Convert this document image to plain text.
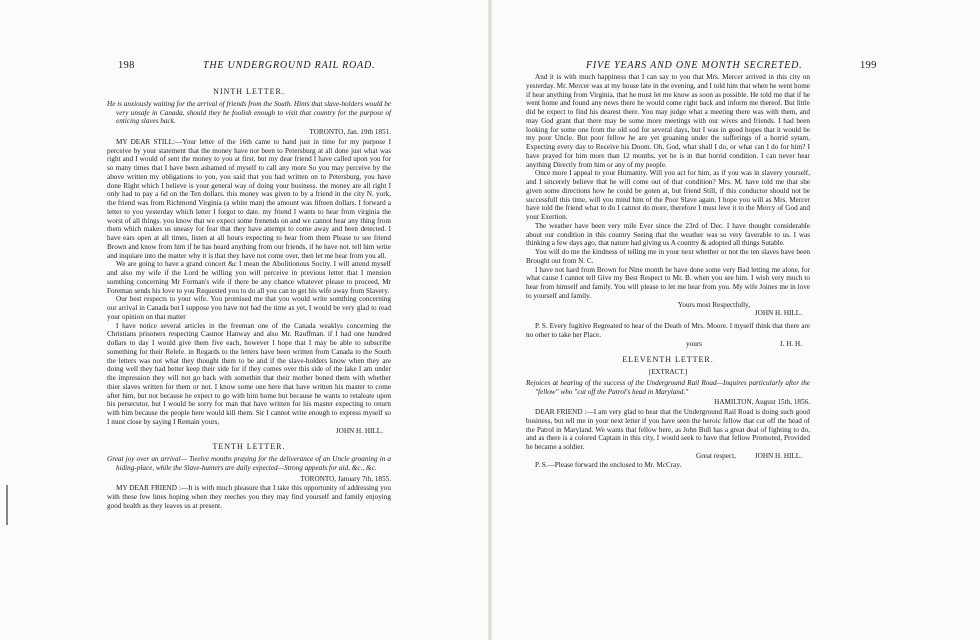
198	THE UNDERGROUND RAIL ROAD.
NINTH LETTER.

He is anxiously waiting for the arrival of friends from the South. Hints that slave-holders would be very unsafe in Canada, should they be foolish enough to visit that country for the purpose of enticing slaves back.

TORONTO, Jan. 19th 1851.

MY DEAR STILL:—Your letter of the 16th came to hand just in time for my purpose I perceive by your statement that the money have not been to Petersburg at all done just what was right and I would of sent the money to you at first, but my dear friend I have called upon you for so many times that I have been ashamed of myself to call any more So you may perceive by the above written my obligations to you, you said that you had written on to Petersburg, you have done Right which I believe is your general way of doing your business. the money are all right I only had to pay a 6d on the Ten dollars. this money was given to by a friend in the city N. york, the friend was from Richmond Virginia (a white man) the amount was fifteen dollars. I forward a letter to you yesterday which letter I forgot to date. my friend I wants to hear from virginia the worst of all things. you know that we expect some frenends on and we cannot hear any thing from them which makes us uneasy for fear that they have attempt to come away and been detected. I have ears open at all times, listen at all hours expecting to hear from them Please to see friend Brown and know from him if he has heard anything from our friends, if he have not. tell him write and inquiare into the matter why it is that they have not come over, then let me hear from you all.

We are going to have a grand concert &c I mean the Abolitionous Socity. I will attend myself and also my wife if the Lord be willing you will perceive in previous letter that I mension somthing concerning Mr Forman's wife if there be any chance whatever please to proceed, Mr Foreman sends his love to you Requested you to do all you can to get his wife away from Slavery.

Our best respects to your wife. You promised me that you would write somthing concerning our arrival in Canada but I suppose you have not had the time as yet, I would be very glad to read your opinion on that matter

I have notice several articles in the freeman one of the Canada weaklys concerning the Christians prisoners respecting Castnor Hanway and also Mr. Rauffman. if I had one hundred dollars to day I would give them five each, however I hope that I may be able to subscribe something for their Relefe. in Regards to the letters have been written from Canada to the South the letters was not what they thought them to be and if the slave-holders know when they are doing well they had better keep their side for if they comes over this side of the lake I am under the impression they will not go back with somethin that their mother boned them with whether thier slaves written for them or not. I know some one here that have written his master to come after him, but not because he expect to go with him home but because he wants to retaleate upon his persecutor, but I would be sorry for man that have written for his master expecting to return with him because the people here would kill them. Sir I cannot write enough to express myself so I must close by saying I Remain yours,

JOHN H. HILL.
TENTH LETTER.

Great joy over an arrival— Twelve months praying for the deliverance of an Uncle groaning in a hiding-place, while the Slave-hunters are daily expected—Strong appeals for aid, &c., &c.

TORONTO, January 7th, 1855.

MY DEAR FRIEND :—It is with much pleasure that I take this opportunity of addressing you with these few lines hoping when they reeches you they may find yourself and family enjoying good health as they leaves us at present.

FIVE YEARS AND ONE MONTH SECRETED.	199

And it is with much happiness that I can say to you that Mrs. Mercer arrived in this city on yesterday. Mr. Mercer was at my house late in the evening, and I told him that when he went home if hear anything from Virginia, that he must let me know as soon as possible. He told me that if he went home and found any news there he would come right back and inform me thereof. But little did he expect to find his dearest there. You may judge what a meeting there was with them, and may God grant that there may be some more meetings with our wives and friends. I had been looking for some one from the old sod for several days, but I was in good hopes that it would be my poor Uncle. But poor fellow he are yet groaning under the sufferings of a horrid sytam, Expecting every day to Receive his Doom. Oh, God, what shall I do, or what can I do for him? I have prayed for him more than 12 months, yet he is in that horrid condition. I can never hear anything Directly from him or any of my people.

Once more I appeal to your Humanity. Will you act for him, as if you was in slavery yourself, and I sincerely believe that he will come out of that condition? Mrs. M. have told me that she given some directions how he could be goten at, but friend Still, if this conductor should not be successfull this time, will you mind him of the Poor Slave again. I hope you will as Mrs. Mercer have told the friend what to do I cannot do more, therefore I must leve it to the Mercy of God and your Exertion.

The weather have been very mile Ever since the 23rd of Dec. I have thought considerable about our condition in this country Seeing that the weather was so very faverable to us. I was thinking a few days ago, that nature had giving us A country & adopted all things Sutable.

You will do me the kindness of telling me in your next whether or not the ten slaves have been Brought out from N. C.

I have not hard from Brown for Nine month he have done some very Bad letting me alone, for what cause I cannot tell Give my Best Respect to Mr. B. when you see him. I wish very much to hear from himself and family. You will please to let me hear from you. My wife Joines me in love to yourself and family.

Yours most Respectfully,
JOHN H. HILL.

P. S. Every fugitive Regreated to hear of the Death of Mrs. Moore. I myself think that there are no other to take her Place.

yours	J. H. H.
ELEVENTH LETTER.
[EXTRACT.]

Rejoices at hearing of the success of the Underground Rail Road—Inquires particularly after the "fellow" who "cut off the Patrol's head in Maryland."

HAMILTON, August 15th, 1856.

DEAR FRIEND :—I am very glad to hear that the Underground Rail Road is doing such good business, but tell me in your next letter if you have seen the heroic fellow that cut off the head of the Patrol in Maryland. We wants that fellow here, as John Bull has a great deal of fighting to do, and as there is a colored Captain in this city, I would seek to have that fellow Promoted, Provided he became a soldier.

Great respect,	JOHN H. HILL.

P. S.—Please forward the enclosed to Mr. McCray.
